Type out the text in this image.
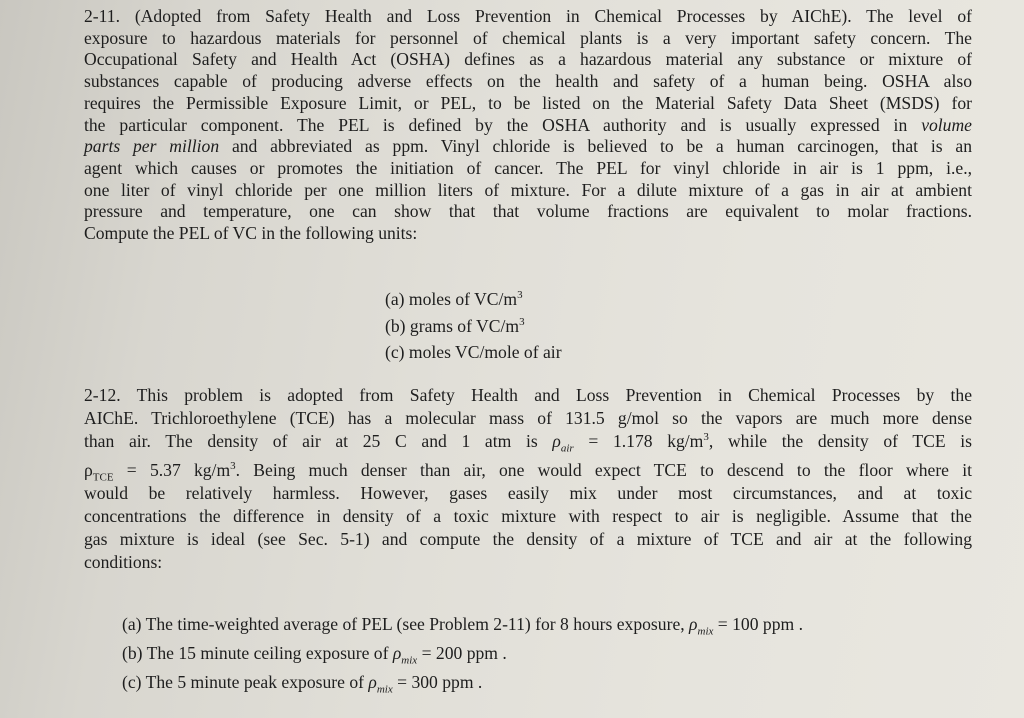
2-11. (Adopted from Safety Health and Loss Prevention in Chemical Processes by AIChE). The level of
exposure to hazardous materials for personnel of chemical plants is a very important safety concern. The
Occupational Safety and Health Act (OSHA) defines as a hazardous material any substance or mixture of
substances capable of producing adverse effects on the health and safety of a human being. OSHA also
requires the Permissible Exposure Limit, or PEL, to be listed on the Material Safety Data Sheet (MSDS) for
the particular component. The PEL is defined by the OSHA authority and is usually expressed in volume
parts per million and abbreviated as ppm. Vinyl chloride is believed to be a human carcinogen, that is an
agent which causes or promotes the initiation of cancer. The PEL for vinyl chloride in air is 1 ppm, i.e.,
one liter of vinyl chloride per one million liters of mixture. For a dilute mixture of a gas in air at ambient
pressure and temperature, one can show that that volume fractions are equivalent to molar fractions.
Compute the PEL of VC in the following units:
(a) moles of $VC/m^3$
(b) grams of $VC/m^3$
(c) moles VC/mole of air
2-12. This problem is adopted from Safety Health and Loss Prevention in Chemical Processes by the
AIChE. Trichloroethylene (TCE) has a molecular mass of 131.5 g/mol so the vapors are much more dense
than air. The density of air at 25 C and 1 atm is $\rho_{air} = 1.178$ $kg/m^3$, while the density of TCE is
$\rho_{TCE} = 5.37$ $kg/m^3$. Being much denser than air, one would expect TCE to descend to the floor where it
would be relatively harmless. However, gases easily mix under most circumstances, and at toxic
concentrations the difference in density of a toxic mixture with respect to air is negligible. Assume that the
gas mixture is ideal (see Sec. 5-1) and compute the density of a mixture of TCE and air at the following
conditions:
(a) The time-weighted average of PEL (see Problem 2-11) for 8 hours exposure, $\rho_{mix} = 100$ ppm .
(b) The 15 minute ceiling exposure of $\rho_{mix} = 200$ ppm .
(c) The 5 minute peak exposure of $\rho_{mix} = 300$ ppm .
